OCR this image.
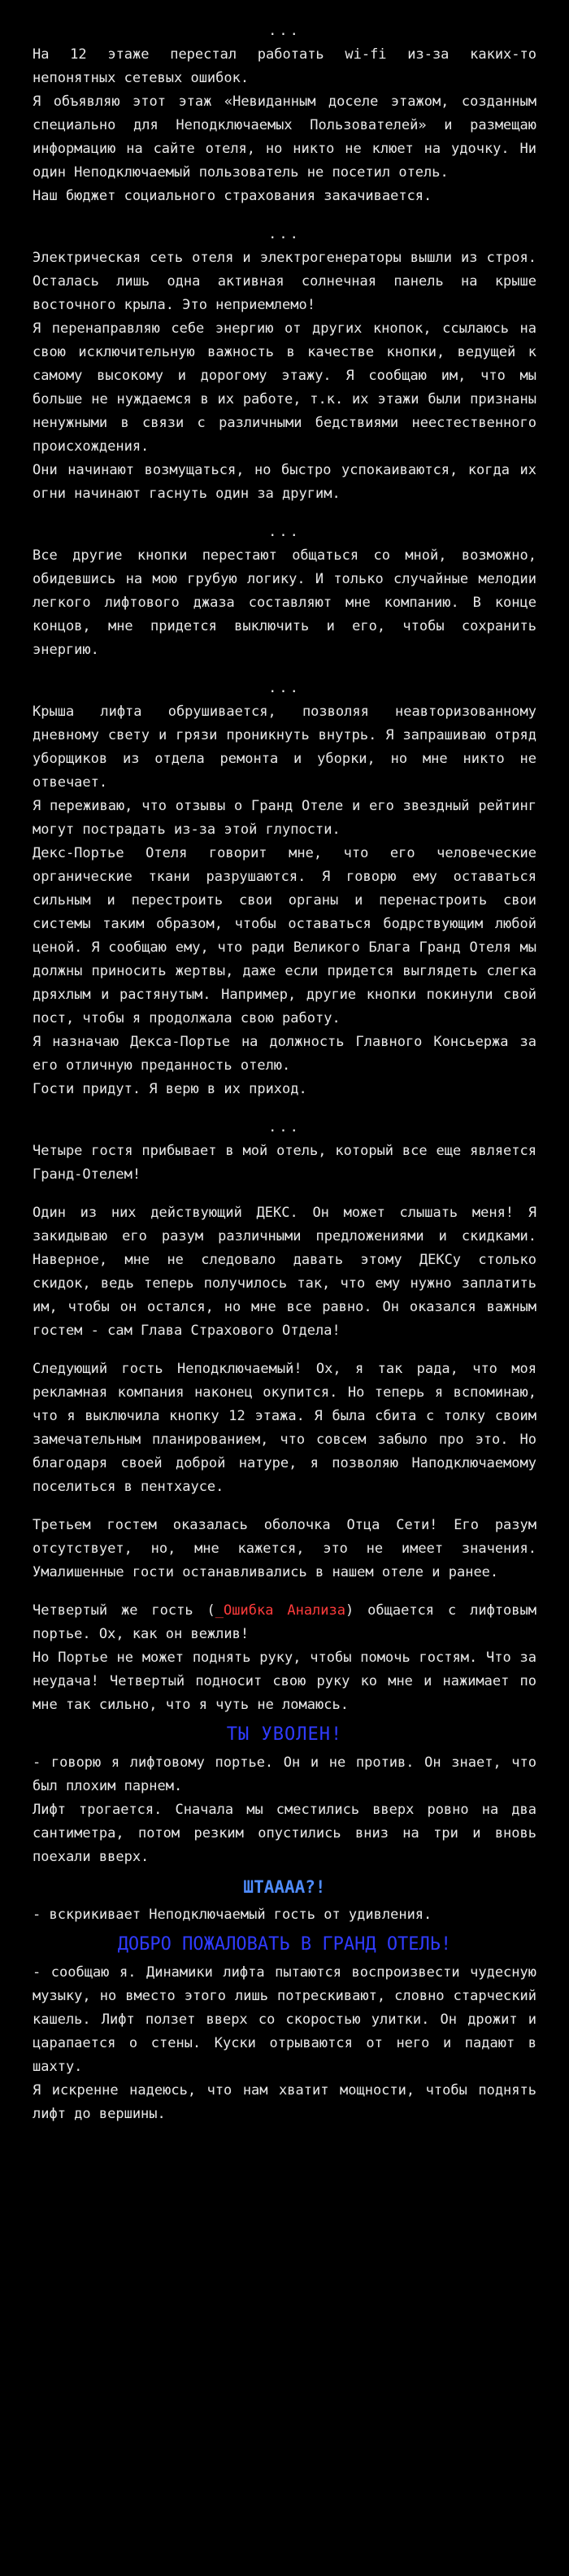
...

На 12 этаже перестал работать wi-fi из-за каких-то непонятных сетевых ошибок.

Я объявляю этот этаж «Невиданным доселе этажом, созданным специально для Неподключаемых Пользователей» и размещаю информацию на сайте отеля, но никто не клюет на удочку. Ни один Неподключаемый пользователь не посетил отель.

Наш бюджет социального страхования закачивается.

...

Электрическая сеть отеля и электрогенераторы вышли из строя. Осталась лишь одна активная солнечная панель на крыше восточного крыла. Это неприемлемо!

Я перенаправляю себе энергию от других кнопок, ссылаюсь на свою исключительную важность в качестве кнопки, ведущей к самому высокому и дорогому этажу. Я сообщаю им, что мы больше не нуждаемся в их работе, т.к. их этажи были признаны ненужными в связи с различными бедствиями неестественного происхождения.

Они начинают возмущаться, но быстро успокаиваются, когда их огни начинают гаснуть один за другим.

...

Все другие кнопки перестают общаться со мной, возможно, обидевшись на мою грубую логику. И только случайные мелодии легкого лифтового джаза составляют мне компанию. В конце концов, мне придется выключить и его, чтобы сохранить энергию.

...

Крыша лифта обрушивается, позволяя неавторизованному дневному свету и грязи проникнуть внутрь. Я запрашиваю отряд уборщиков из отдела ремонта и уборки, но мне никто не отвечает.

Я переживаю, что отзывы о Гранд Отеле и его звездный рейтинг могут пострадать из-за этой глупости.

Декс-Портье Отеля говорит мне, что его человеческие органические ткани разрушаются. Я говорю ему оставаться сильным и перестроить свои органы и перенастроить свои системы таким образом, чтобы оставаться бодрствующим любой ценой. Я сообщаю ему, что ради Великого Блага Гранд Отеля мы должны приносить жертвы, даже если придется выглядеть слегка дряхлым и растянутым. Например, другие кнопки покинули свой пост, чтобы я продолжала свою работу.

Я назначаю Декса-Портье на должность Главного Консьержа за его отличную преданность отелю.

Гости придут. Я верю в их приход.

...

Четыре гостя прибывает в мой отель, который все еще является Гранд-Отелем!

Один из них действующий ДЕКС. Он может слышать меня! Я закидываю его разум различными предложениями и скидками. Наверное, мне не следовало давать этому ДЕКСу столько скидок, ведь теперь получилось так, что ему нужно заплатить им, чтобы он остался, но мне все равно. Он оказался важным гостем - сам Глава Страхового Отдела!

Следующий гость Неподключаемый! Ох, я так рада, что моя рекламная компания наконец окупится. Но теперь я вспоминаю, что я выключила кнопку 12 этажа. Я была сбита с толку своим замечательным планированием, что совсем забыло про это. Но благодаря своей доброй натуре, я позволяю Наподключаемому поселиться в пентхаусе.

Третьем гостем оказалась оболочка Отца Сети! Его разум отсутствует, но, мне кажется, это не имеет значения. Умалишенные гости останавливались в нашем отеле и ранее.

Четвертый же гость (_Ошибка Анализа) общается с лифтовым портье. Ох, как он вежлив!

Но Портье не может поднять руку, чтобы помочь гостям. Что за неудача! Четвертый подносит свою руку ко мне и нажимает по мне так сильно, что я чуть не ломаюсь.

ТЫ УВОЛЕН!

- говорю я лифтовому портье. Он и не против. Он знает, что был плохим парнем.

Лифт трогается. Сначала мы сместились вверх ровно на два сантиметра, потом резким опустились вниз на три и вновь поехали вверх.

ШТАААА?!

- вскрикивает Неподключаемый гость от удивления.

ДОБРО ПОЖАЛОВАТЬ В ГРАНД ОТЕЛЬ!

- сообщаю я. Динамики лифта пытаются воспроизвести чудесную музыку, но вместо этого лишь потрескивают, словно старческий кашель. Лифт ползет вверх со скоростью улитки. Он дрожит и царапается о стены. Куски отрываются от него и падают в шахту.

Я искренне надеюсь, что нам хватит мощности, чтобы поднять лифт до вершины.
